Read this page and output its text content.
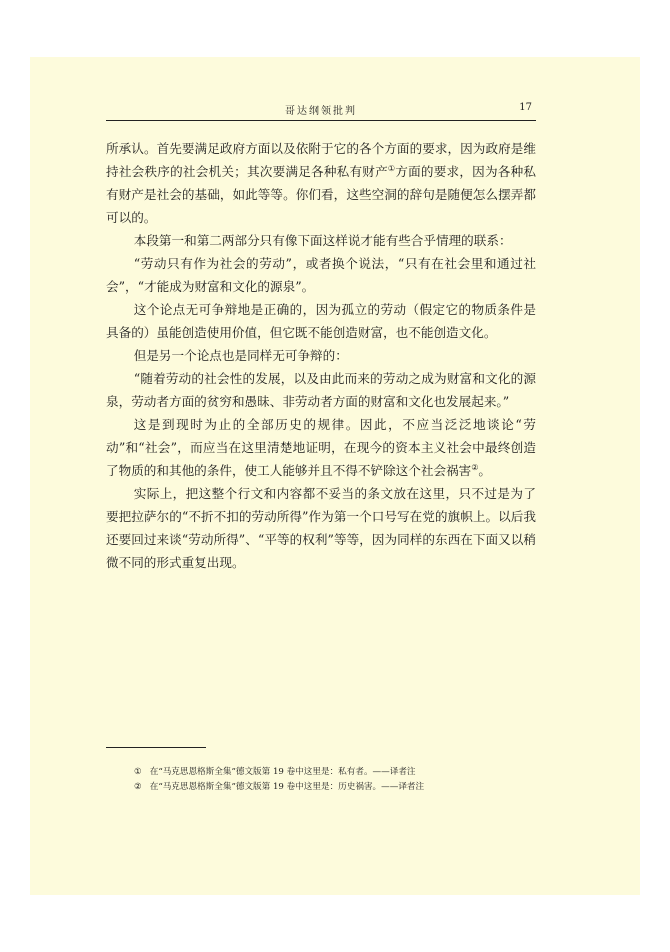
哥达纲领批判	17

所承认。首先要满足政府方面以及依附于它的各个方面的要求，因为政府是维持社会秩序的社会机关；其次要满足各种私有财产①方面的要求，因为各种私有财产是社会的基础，如此等等。你们看，这些空洞的辞句是随便怎么摆弄都可以的。

本段第一和第二两部分只有像下面这样说才能有些合乎情理的联系：

“劳动只有作为社会的劳动”，或者换个说法，“只有在社会里和通过社会”，“才能成为财富和文化的源泉”。

这个论点无可争辩地是正确的，因为孤立的劳动（假定它的物质条件是具备的）虽能创造使用价值，但它既不能创造财富，也不能创造文化。

但是另一个论点也是同样无可争辩的：

“随着劳动的社会性的发展，以及由此而来的劳动之成为财富和文化的源泉，劳动者方面的贫穷和愚昧、非劳动者方面的财富和文化也发展起来。”

这是到现时为止的全部历史的规律。因此，不应当泛泛地谈论“劳动”和“社会”，而应当在这里清楚地证明，在现今的资本主义社会中最终创造了物质的和其他的条件，使工人能够并且不得不铲除这个社会祸害②。

实际上，把这整个行文和内容都不妥当的条文放在这里，只不过是为了要把拉萨尔的“不折不扣的劳动所得”作为第一个口号写在党的旗帜上。以后我还要回过来谈“劳动所得”、“平等的权利”等等，因为同样的东西在下面又以稍微不同的形式重复出现。

① 在“马克思恩格斯全集”德文版第 19 卷中这里是：私有者。——译者注
② 在“马克思恩格斯全集”德文版第 19 卷中这里是：历史祸害。——译者注
